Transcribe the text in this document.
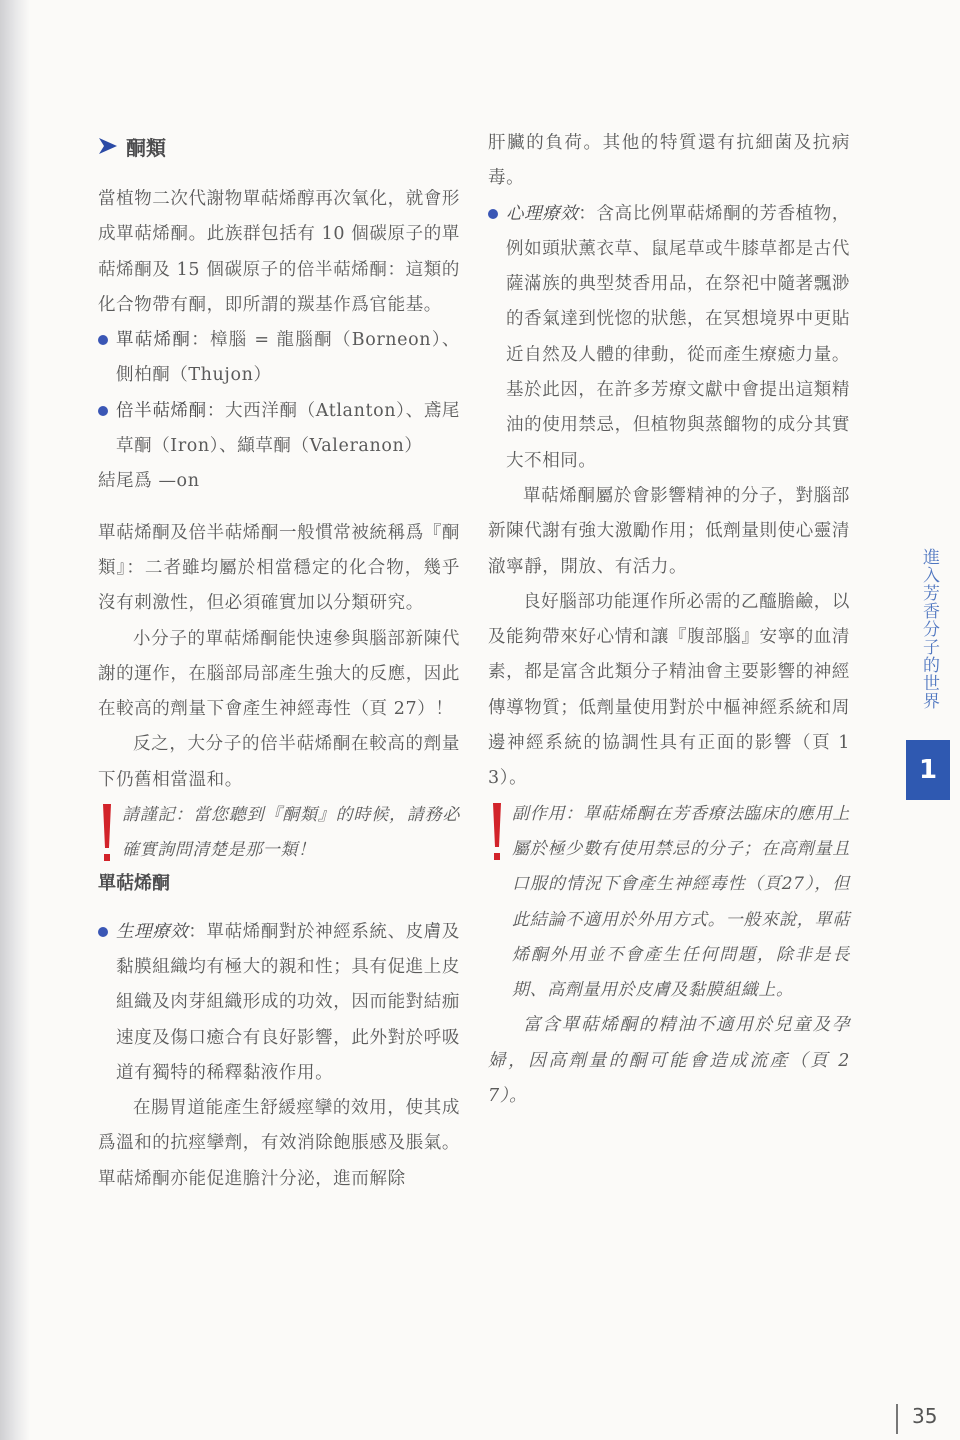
酮類

當植物二次代謝物單萜烯醇再次氧化，就會形成單萜烯酮。此族群包括有 10 個碳原子的單萜烯酮及 15 個碳原子的倍半萜烯酮：這類的化合物帶有酮，即所謂的羰基作爲官能基。

單萜烯酮：樟腦 = 龍腦酮（Borneon）、側柏酮（Thujon）

倍半萜烯酮：大西洋酮（Atlanton）、鳶尾草酮（Iron）、纈草酮（Valeranon）

結尾爲 —on

單萜烯酮及倍半萜烯酮一般慣常被統稱爲『酮類』：二者雖均屬於相當穩定的化合物，幾乎沒有刺激性，但必須確實加以分類研究。

小分子的單萜烯酮能快速參與腦部新陳代謝的運作，在腦部局部產生強大的反應，因此在較高的劑量下會產生神經毒性（頁 27）！

反之，大分子的倍半萜烯酮在較高的劑量下仍舊相當溫和。

請謹記：當您聽到『酮類』的時候，請務必確實詢問清楚是那一類！

單萜烯酮

生理療效：單萜烯酮對於神經系統、皮膚及黏膜組織均有極大的親和性；具有促進上皮組織及肉芽組織形成的功效，因而能對結痂速度及傷口癒合有良好影響，此外對於呼吸道有獨特的稀釋黏液作用。

在腸胃道能產生舒緩痙攣的效用，使其成爲溫和的抗痙攣劑，有效消除飽脹感及脹氣。單萜烯酮亦能促進膽汁分泌，進而解除

肝臟的負荷。其他的特質還有抗細菌及抗病毒。

心理療效：含高比例單萜烯酮的芳香植物，例如頭狀薰衣草、鼠尾草或牛膝草都是古代薩滿族的典型焚香用品，在祭祀中隨著飄渺的香氣達到恍惚的狀態，在冥想境界中更貼近自然及人體的律動，從而產生療癒力量。基於此因，在許多芳療文獻中會提出這類精油的使用禁忌，但植物與蒸餾物的成分其實大不相同。

單萜烯酮屬於會影響精神的分子，對腦部新陳代謝有強大激勵作用；低劑量則使心靈清澈寧靜，開放、有活力。

良好腦部功能運作所必需的乙醯膽鹼，以及能夠帶來好心情和讓『腹部腦』安寧的血清素，都是富含此類分子精油會主要影響的神經傳導物質；低劑量使用對於中樞神經系統和周邊神經系統的協調性具有正面的影響（頁 13）。

副作用：單萜烯酮在芳香療法臨床的應用上屬於極少數有使用禁忌的分子；在高劑量且口服的情況下會產生神經毒性（頁27），但此結論不適用於外用方式。一般來說，單萜烯酮外用並不會產生任何問題，除非是長期、高劑量用於皮膚及黏膜組織上。

富含單萜烯酮的精油不適用於兒童及孕婦，因高劑量的酮可能會造成流產（頁 27）。

進入芳香分子的世界
1
35
